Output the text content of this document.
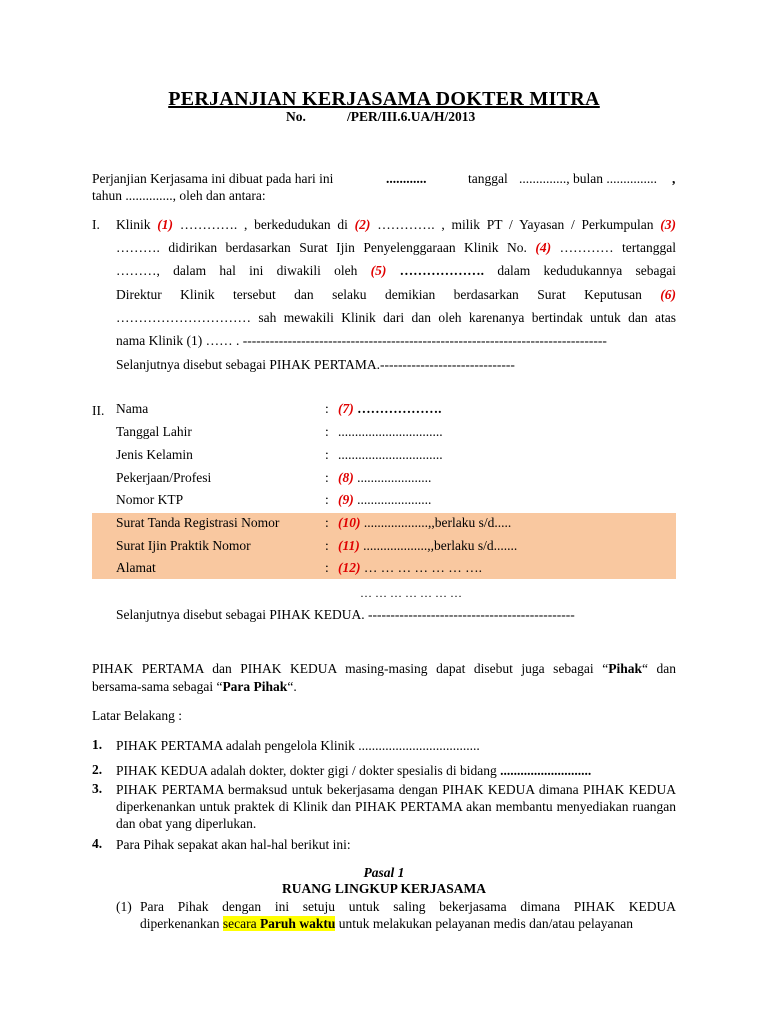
PERJANJIAN KERJASAMA DOKTER MITRA
No.	/PER/III.6.UA/H/2013
Perjanjian Kerjasama ini dibuat pada hari ini	............	tanggal .............., bulan ............... ,
tahun .............., oleh dan antara:
I. Klinik (1) …………. , berkedudukan di (2) …………. , milik PT / Yayasan / Perkumpulan (3)
………. didirikan berdasarkan Surat Ijin Penyelenggaraan Klinik No. (4) ………… tertanggal
………, dalam hal ini diwakili oleh (5) ………………. dalam kedudukannya sebagai
Direktur Klinik tersebut dan selaku demikian berdasarkan Surat Keputusan (6)
………………………… sah mewakili Klinik dari dan oleh karenanya bertindak untuk dan atas
nama Klinik (1) …… . ---------------------------------------------------------------------------------
Selanjutnya disebut sebagai PIHAK PERTAMA.------------------------------
II. Nama	: (7) ……………….
Tanggal Lahir	: ...............................
Jenis Kelamin	: ...............................
Pekerjaan/Profesi	: (8) ......................
Nomor KTP	: (9) ......................
Surat Tanda Registrasi Nomor	: (10) ...................,,berlaku s/d.....
Surat Ijin Praktik Nomor	: (11) ...................,,berlaku s/d.......
Alamat	: (12) … … … … … … ….
… … … … … … …
Selanjutnya disebut sebagai PIHAK KEDUA. ----------------------------------------------
PIHAK PERTAMA dan PIHAK KEDUA masing-masing dapat disebut juga sebagai “Pihak“ dan
bersama-sama sebagai “Para Pihak“.
Latar Belakang :
1. PIHAK PERTAMA adalah pengelola Klinik ....................................
2. PIHAK KEDUA adalah dokter, dokter gigi / dokter spesialis di bidang ...........................
3. PIHAK PERTAMA bermaksud untuk bekerjasama dengan PIHAK KEDUA dimana PIHAK KEDUA diperkenankan untuk praktek di Klinik dan PIHAK PERTAMA akan membantu menyediakan ruangan dan obat yang diperlukan.
4. Para Pihak sepakat akan hal-hal berikut ini:
Pasal 1
RUANG LINGKUP KERJASAMA
(1) Para Pihak dengan ini setuju untuk saling bekerjasama dimana PIHAK KEDUA
diperkenankan secara Paruh waktu untuk melakukan pelayanan medis dan/atau pelayanan
